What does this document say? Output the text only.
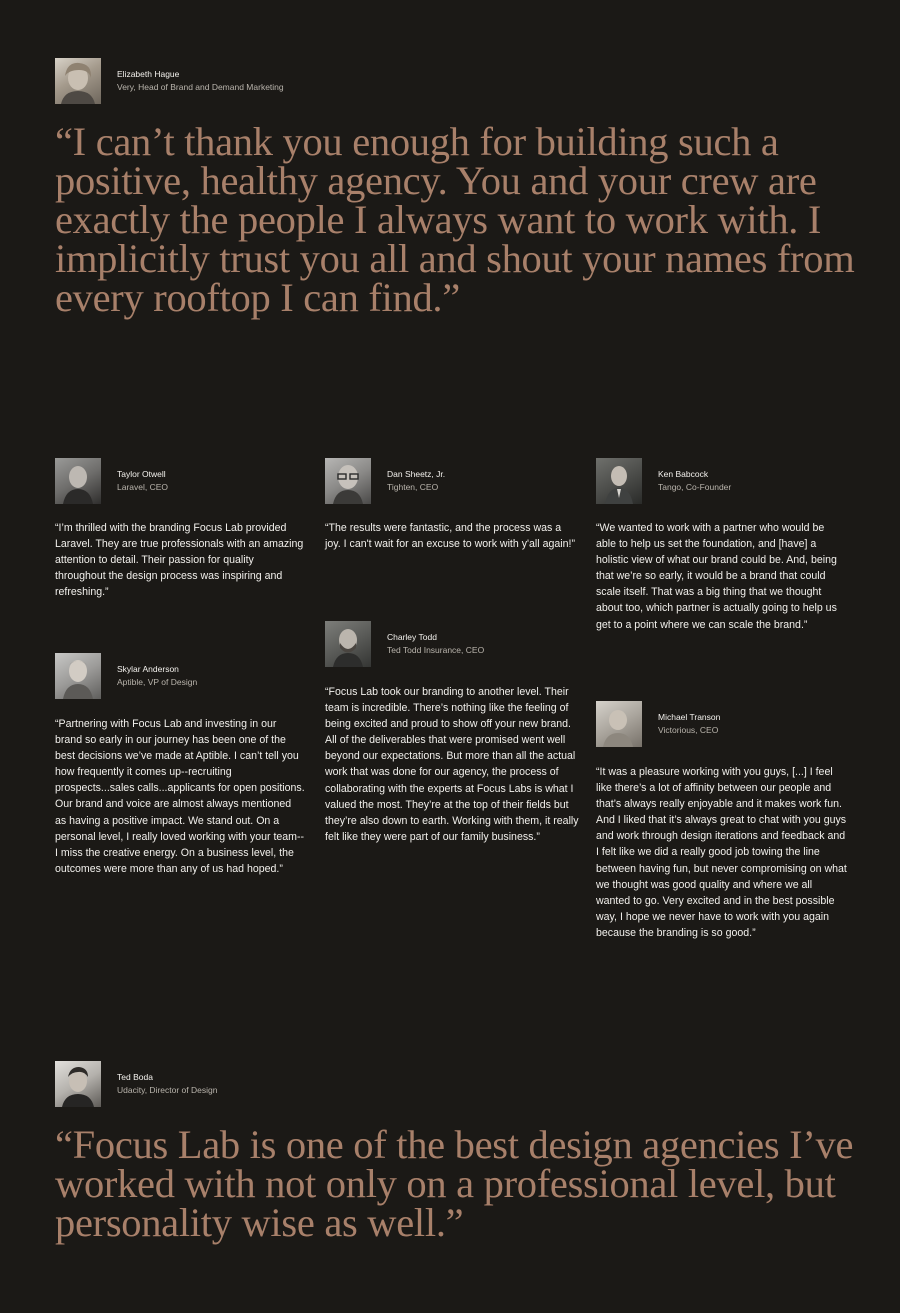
Elizabeth Hague
Very, Head of Brand and Demand Marketing

“I can’t thank you enough for building such a positive, healthy agency. You and your crew are exactly the people I always want to work with. I implicitly trust you all and shout your names from every rooftop I can find.”

Taylor Otwell
Laravel, CEO

“I’m thrilled with the branding Focus Lab provided Laravel. They are true professionals with an amazing attention to detail. Their passion for quality throughout the design process was inspiring and refreshing.”

Skylar Anderson
Aptible, VP of Design

“Partnering with Focus Lab and investing in our brand so early in our journey has been one of the best decisions we’ve made at Aptible. I can’t tell you how frequently it comes up--recruiting prospects...sales calls...applicants for open positions. Our brand and voice are almost always mentioned as having a positive impact. We stand out. On a personal level, I really loved working with your team--I miss the creative energy. On a business level, the outcomes were more than any of us had hoped.”

Dan Sheetz, Jr.
Tighten, CEO

“The results were fantastic, and the process was a joy. I can't wait for an excuse to work with y'all again!”

Charley Todd
Ted Todd Insurance, CEO

“Focus Lab took our branding to another level. Their team is incredible. There’s nothing like the feeling of being excited and proud to show off your new brand. All of the deliverables that were promised went well beyond our expectations. But more than all the actual work that was done for our agency, the process of collaborating with the experts at Focus Labs is what I valued the most. They’re at the top of their fields but they’re also down to earth. Working with them, it really felt like they were part of our family business.”

Ken Babcock
Tango, Co-Founder

“We wanted to work with a partner who would be able to help us set the foundation, and [have] a holistic view of what our brand could be. And, being that we’re so early, it would be a brand that could scale itself. That was a big thing that we thought about too, which partner is actually going to help us get to a point where we can scale the brand.”

Michael Transon
Victorious, CEO

“It was a pleasure working with you guys, [...] I feel like there’s a lot of affinity between our people and that’s always really enjoyable and it makes work fun. And I liked that it’s always great to chat with you guys and work through design iterations and feedback and I felt like we did a really good job towing the line between having fun, but never compromising on what we thought was good quality and where we all wanted to go. Very excited and in the best possible way, I hope we never have to work with you again because the branding is so good.”

Ted Boda
Udacity, Director of Design

“Focus Lab is one of the best design agencies I’ve worked with not only on a professional level, but personality wise as well.”
